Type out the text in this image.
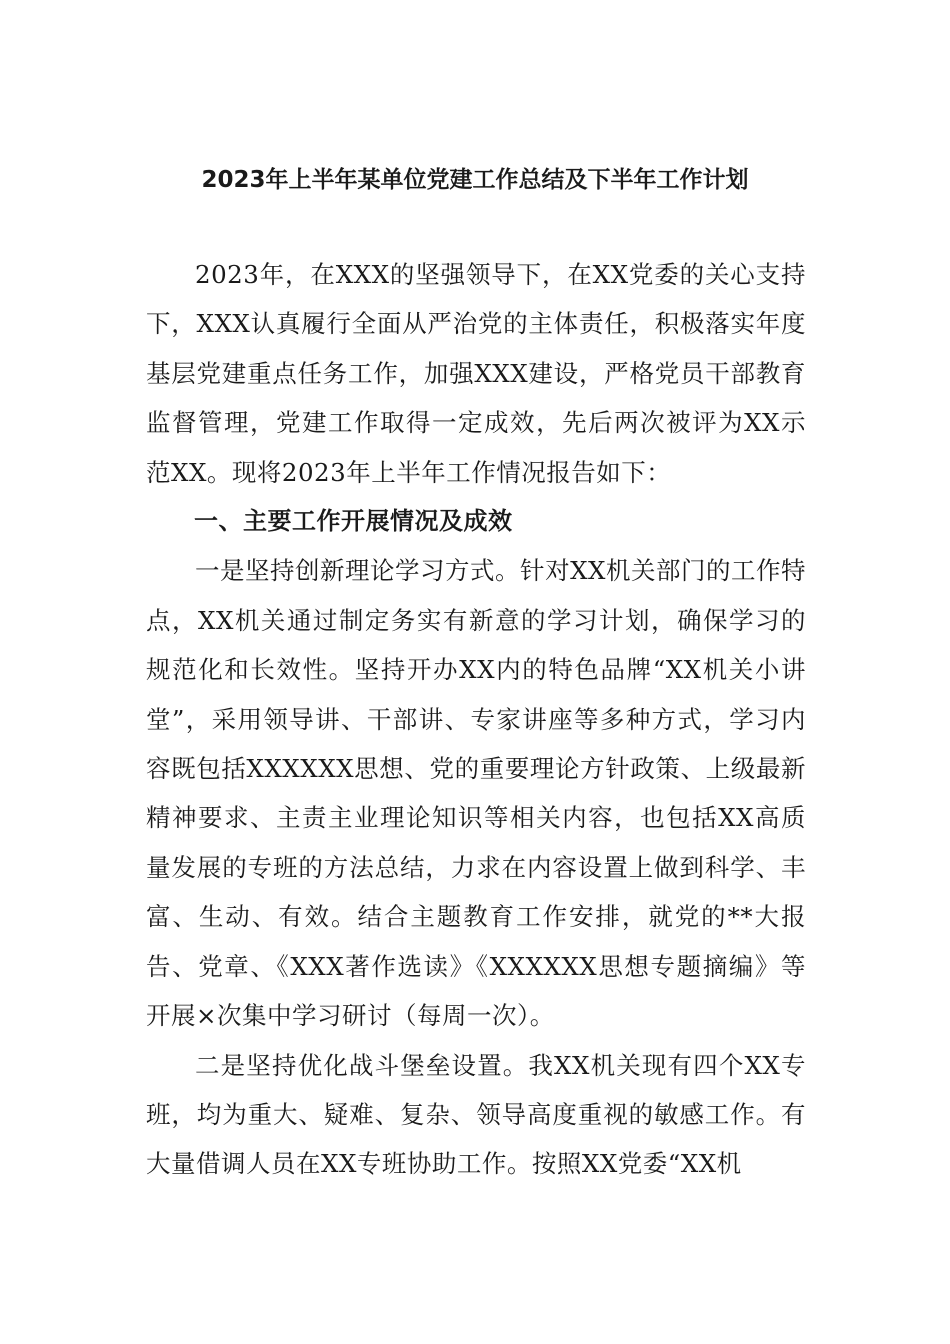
2023年上半年某单位党建工作总结及下半年工作计划

2023年，在XXX的坚强领导下，在XX党委的关心支持下，XXX认真履行全面从严治党的主体责任，积极落实年度基层党建重点任务工作，加强XXX建设，严格党员干部教育监督管理，党建工作取得一定成效，先后两次被评为XX示范XX。现将2023年上半年工作情况报告如下：

一、主要工作开展情况及成效

一是坚持创新理论学习方式。针对XX机关部门的工作特点，XX机关通过制定务实有新意的学习计划，确保学习的规范化和长效性。坚持开办XX内的特色品牌“XX机关小讲堂”，采用领导讲、干部讲、专家讲座等多种方式，学习内容既包括XXXXXX思想、党的重要理论方针政策、上级最新精神要求、主责主业理论知识等相关内容，也包括XX高质量发展的专班的方法总结，力求在内容设置上做到科学、丰富、生动、有效。结合主题教育工作安排，就党的**大报告、党章、《XXX著作选读》《XXXXXX思想专题摘编》等开展×次集中学习研讨（每周一次）。

二是坚持优化战斗堡垒设置。我XX机关现有四个XX专班，均为重大、疑难、复杂、领导高度重视的敏感工作。有大量借调人员在XX专班协助工作。按照XX党委“XX机
